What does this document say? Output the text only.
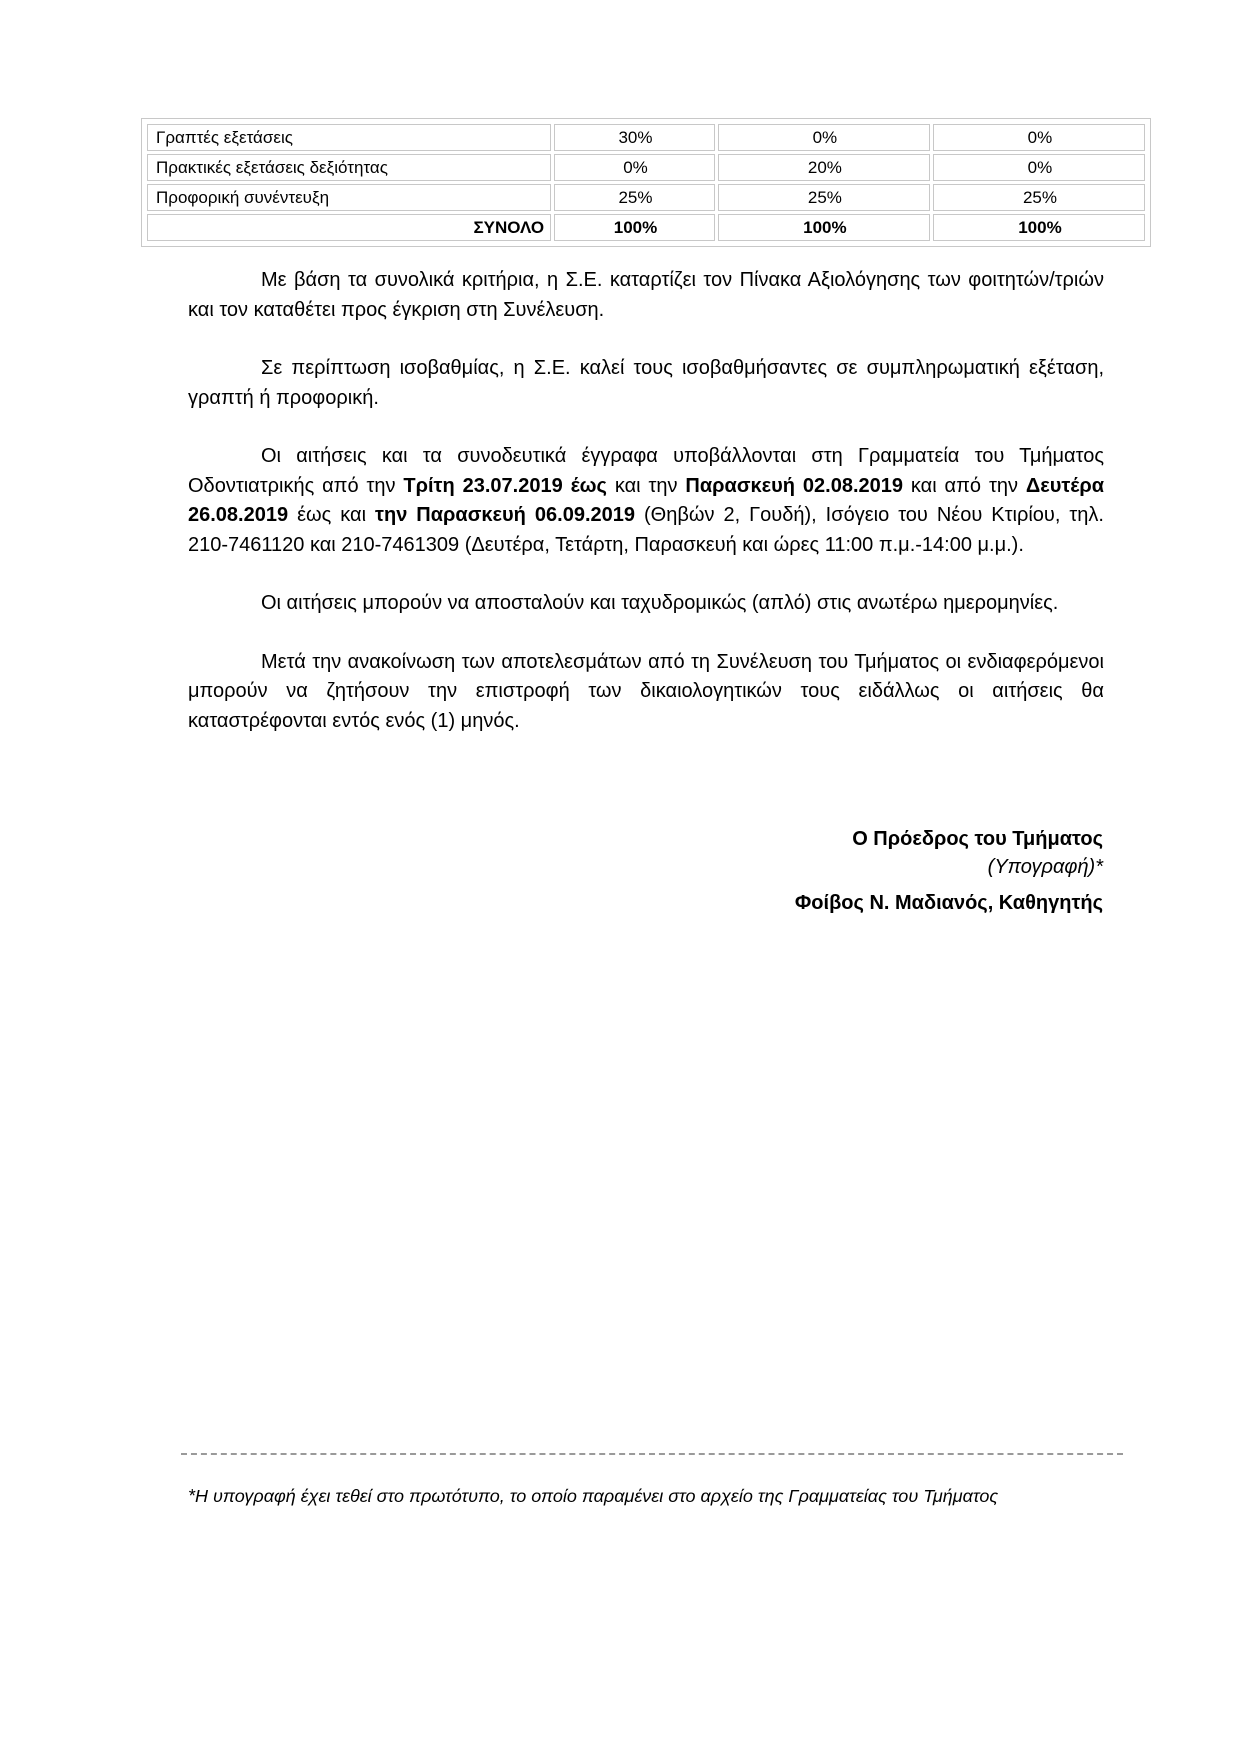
Γραπτές εξετάσεις	30%	0%	0%
Πρακτικές εξετάσεις δεξιότητας	0%	20%	0%
Προφορική συνέντευξη	25%	25%	25%
ΣΥΝΟΛΟ	100%	100%	100%

Με βάση τα συνολικά κριτήρια, η Σ.Ε. καταρτίζει τον Πίνακα Αξιολόγησης των φοιτητών/τριών και τον καταθέτει προς έγκριση στη Συνέλευση.

Σε περίπτωση ισοβαθμίας, η Σ.Ε. καλεί τους ισοβαθμήσαντες σε συμπληρωματική εξέταση, γραπτή ή προφορική.

Οι αιτήσεις και τα συνοδευτικά έγγραφα υποβάλλονται στη Γραμματεία του Τμήματος Οδοντιατρικής από την Τρίτη 23.07.2019 έως και την Παρασκευή 02.08.2019 και από την Δευτέρα 26.08.2019 έως και την Παρασκευή 06.09.2019 (Θηβών 2, Γουδή), Ισόγειο του Νέου Κτιρίου, τηλ. 210-7461120 και 210-7461309 (Δευτέρα, Τετάρτη, Παρασκευή και ώρες 11:00 π.μ.-14:00 μ.μ.).

Οι αιτήσεις μπορούν να αποσταλούν και ταχυδρομικώς (απλό) στις ανωτέρω ημερομηνίες.

Μετά την ανακοίνωση των αποτελεσμάτων από τη Συνέλευση του Τμήματος οι ενδιαφερόμενοι μπορούν να ζητήσουν την επιστροφή των δικαιολογητικών τους ειδάλλως οι αιτήσεις θα καταστρέφονται εντός ενός (1) μηνός.

Ο Πρόεδρος του Τμήματος
(Υπογραφή)*
Φοίβος Ν. Μαδιανός, Καθηγητής
*Η υπογραφή έχει τεθεί στο πρωτότυπο, το οποίο παραμένει στο αρχείο της Γραμματείας του Τμήματος
